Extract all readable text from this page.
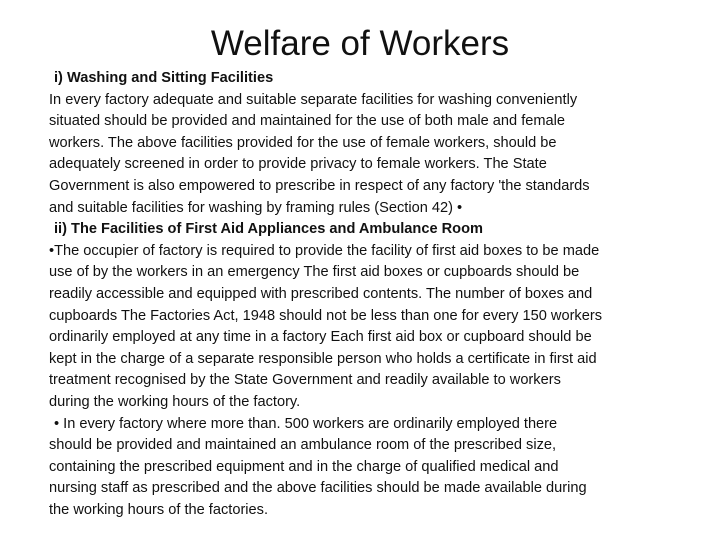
Welfare of Workers
i) Washing and Sitting Facilities
In every factory adequate and suitable separate facilities for washing conveniently
situated should be provided and maintained for the use of both male and female
workers. The above facilities provided for the use of female workers, should be
adequately screened in order to provide privacy to female workers. The State
Government is also empowered to prescribe in respect of any factory 'the standards
and suitable facilities for washing by framing rules (Section 42) •
ii) The Facilities of First Aid Appliances and Ambulance Room
•The occupier of factory is required to provide the facility of first aid boxes to be made
use of by the workers in an emergency The first aid boxes or cupboards should be
readily accessible and equipped with prescribed contents. The number of boxes and
cupboards The Factories Act, 1948 should not be less than one for every 150 workers
ordinarily employed at any time in a factory Each first aid box or cupboard should be
kept in the charge of a separate responsible person who holds a certificate in first aid
treatment recognised by the State Government and readily available to workers
during the working hours of the factory.
• In every factory where more than. 500 workers are ordinarily employed there
should be provided and maintained an ambulance room of the prescribed size,
containing the prescribed equipment and in the charge of qualified medical and
nursing staff as prescribed and the above facilities should be made available during
the working hours of the factories.
